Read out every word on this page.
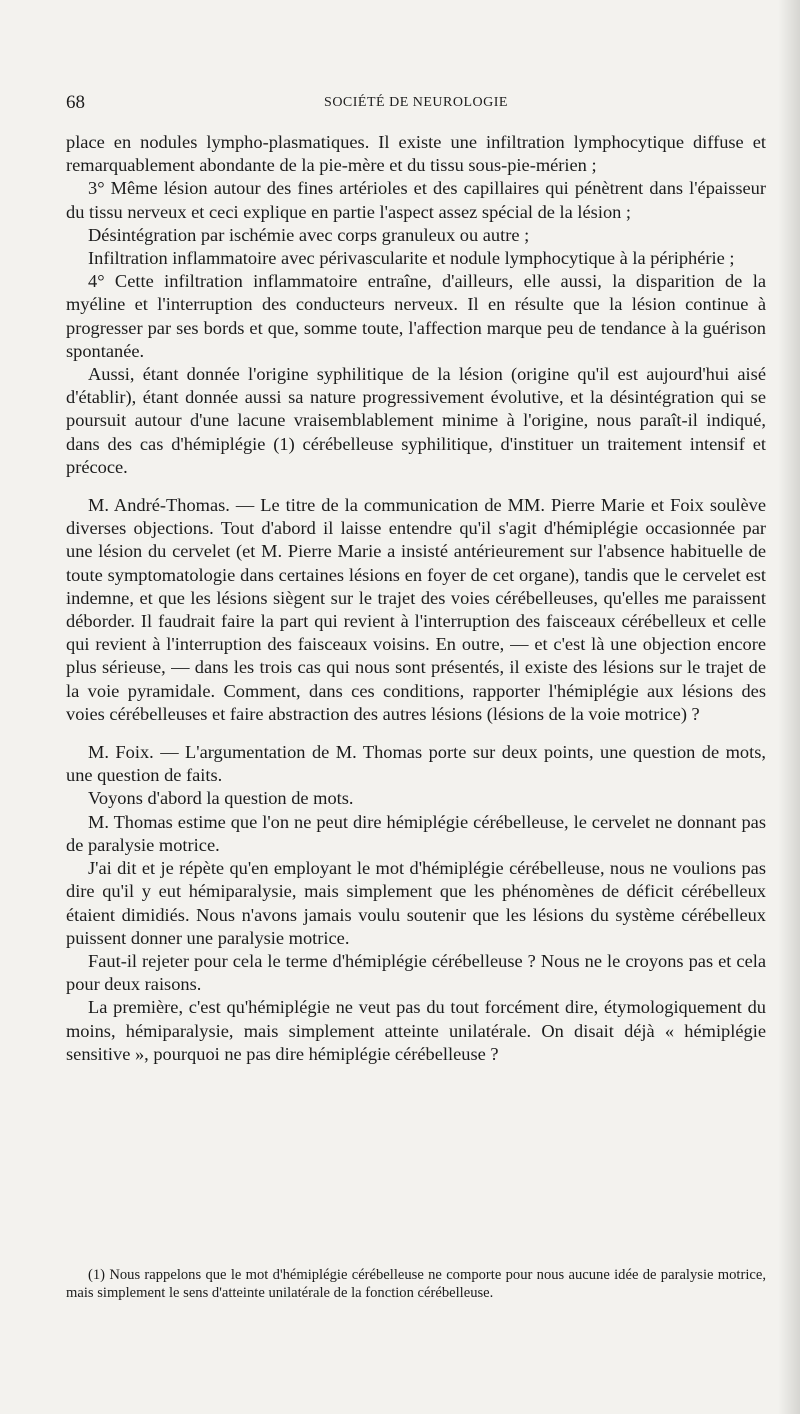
68	SOCIÉTÉ DE NEUROLOGIE

place en nodules lympho-plasmatiques. Il existe une infiltration lymphocytique diffuse et remarquablement abondante de la pie-mère et du tissu sous-pie-mérien ;

3° Même lésion autour des fines artérioles et des capillaires qui pénètrent dans l'épaisseur du tissu nerveux et ceci explique en partie l'aspect assez spécial de la lésion ;

Désintégration par ischémie avec corps granuleux ou autre ;

Infiltration inflammatoire avec périvascularite et nodule lymphocytique à la périphérie ;

4° Cette infiltration inflammatoire entraîne, d'ailleurs, elle aussi, la disparition de la myéline et l'interruption des conducteurs nerveux. Il en résulte que la lésion continue à progresser par ses bords et que, somme toute, l'affection marque peu de tendance à la guérison spontanée.

Aussi, étant donnée l'origine syphilitique de la lésion (origine qu'il est aujourd'hui aisé d'établir), étant donnée aussi sa nature progressivement évolutive, et la désintégration qui se poursuit autour d'une lacune vraisemblablement minime à l'origine, nous paraît-il indiqué, dans des cas d'hémiplégie (1) cérébelleuse syphilitique, d'instituer un traitement intensif et précoce.

M. André-Thomas. — Le titre de la communication de MM. Pierre Marie et Foix soulève diverses objections. Tout d'abord il laisse entendre qu'il s'agit d'hémiplégie occasionnée par une lésion du cervelet (et M. Pierre Marie a insisté antérieurement sur l'absence habituelle de toute symptomatologie dans certaines lésions en foyer de cet organe), tandis que le cervelet est indemne, et que les lésions siègent sur le trajet des voies cérébelleuses, qu'elles me paraissent déborder. Il faudrait faire la part qui revient à l'interruption des faisceaux cérébelleux et celle qui revient à l'interruption des faisceaux voisins. En outre, — et c'est là une objection encore plus sérieuse, — dans les trois cas qui nous sont présentés, il existe des lésions sur le trajet de la voie pyramidale. Comment, dans ces conditions, rapporter l'hémiplégie aux lésions des voies cérébelleuses et faire abstraction des autres lésions (lésions de la voie motrice) ?

M. Foix. — L'argumentation de M. Thomas porte sur deux points, une question de mots, une question de faits.

Voyons d'abord la question de mots.

M. Thomas estime que l'on ne peut dire hémiplégie cérébelleuse, le cervelet ne donnant pas de paralysie motrice.

J'ai dit et je répète qu'en employant le mot d'hémiplégie cérébelleuse, nous ne voulions pas dire qu'il y eut hémiparalysie, mais simplement que les phénomènes de déficit cérébelleux étaient dimidiés. Nous n'avons jamais voulu soutenir que les lésions du système cérébelleux puissent donner une paralysie motrice.

Faut-il rejeter pour cela le terme d'hémiplégie cérébelleuse ? Nous ne le croyons pas et cela pour deux raisons.

La première, c'est qu'hémiplégie ne veut pas du tout forcément dire, étymologiquement du moins, hémiparalysie, mais simplement atteinte unilatérale. On disait déjà « hémiplégie sensitive », pourquoi ne pas dire hémiplégie cérébelleuse ?

(1) Nous rappelons que le mot d'hémiplégie cérébelleuse ne comporte pour nous aucune idée de paralysie motrice, mais simplement le sens d'atteinte unilatérale de la fonction cérébelleuse.
